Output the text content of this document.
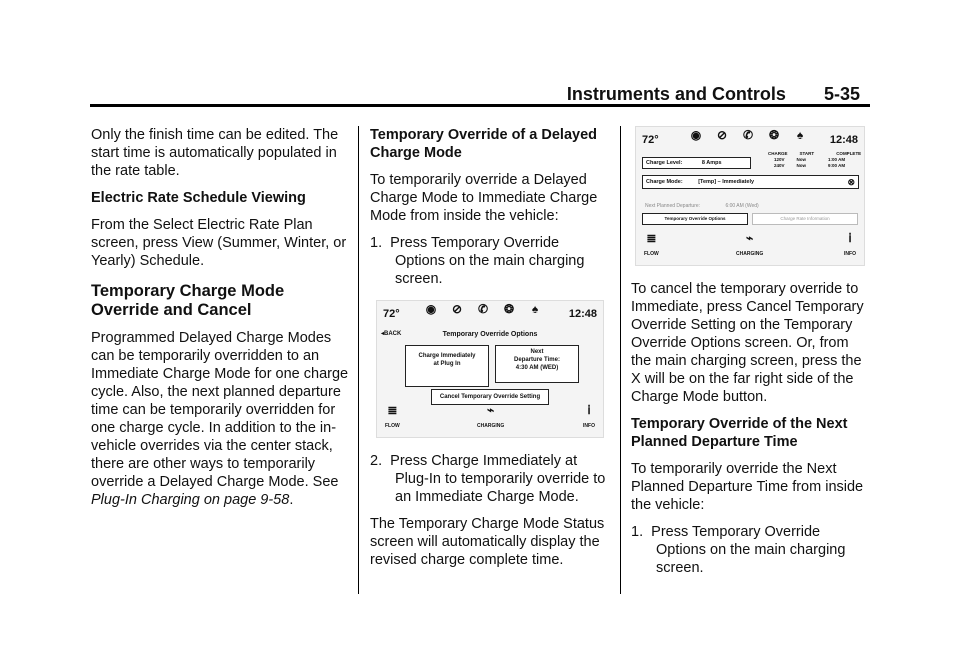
Instruments and Controls 5-35

Only the finish time can be edited. The start time is automatically populated in the rate table.

Electric Rate Schedule Viewing

From the Select Electric Rate Plan screen, press View (Summer, Winter, or Yearly) Schedule.

Temporary Charge Mode Override and Cancel

Programmed Delayed Charge Modes can be temporarily overridden to an Immediate Charge Mode for one charge cycle. Also, the next planned departure time can be temporarily overridden for one charge cycle. In addition to the in-vehicle overrides via the center stack, there are other ways to temporarily override a Delayed Charge Mode. See Plug-In Charging on page 9-58.

Temporary Override of a Delayed Charge Mode

To temporarily override a Delayed Charge Mode to Immediate Charge Mode from inside the vehicle:

1.  Press Temporary Override Options on the main charging screen.

72° ◉ ⊘ ✆ ❂ ♠	12:48
◂BACK	Temporary Override Options
Charge Immediately
at Plug In
Next
Departure Time:
4:30 AM (WED)
Cancel Temporary Override Setting
≣
FLOW
⌁
CHARGING
ⅰ
INFO

2.  Press Charge Immediately at Plug-In to temporarily override to an Immediate Charge Mode.

The Temporary Charge Mode Status screen will automatically display the revised charge complete time.

72°	◉ ⊘ ✆ ❂ ♠ 12:48
Charge Level:	8 Amps
CHARGE	START	COMPLETE
120V	Now	1:00 AM
240V	Now	9:00 AM
Charge Mode:	[Temp] – Immediately	⊗
Next Planned Departure:	6:00 AM (Wed)
Temporary Override Options	Charge Rate Information
≣
FLOW
⌁
CHARGING
ⅰ
INFO

To cancel the temporary override to Immediate, press Cancel Temporary Override Setting on the Temporary Override Options screen. Or, from the main charging screen, press the X will be on the far right side of the Charge Mode button.

Temporary Override of the Next Planned Departure Time

To temporarily override the Next Planned Departure Time from inside the vehicle:

1.  Press Temporary Override Options on the main charging screen.
